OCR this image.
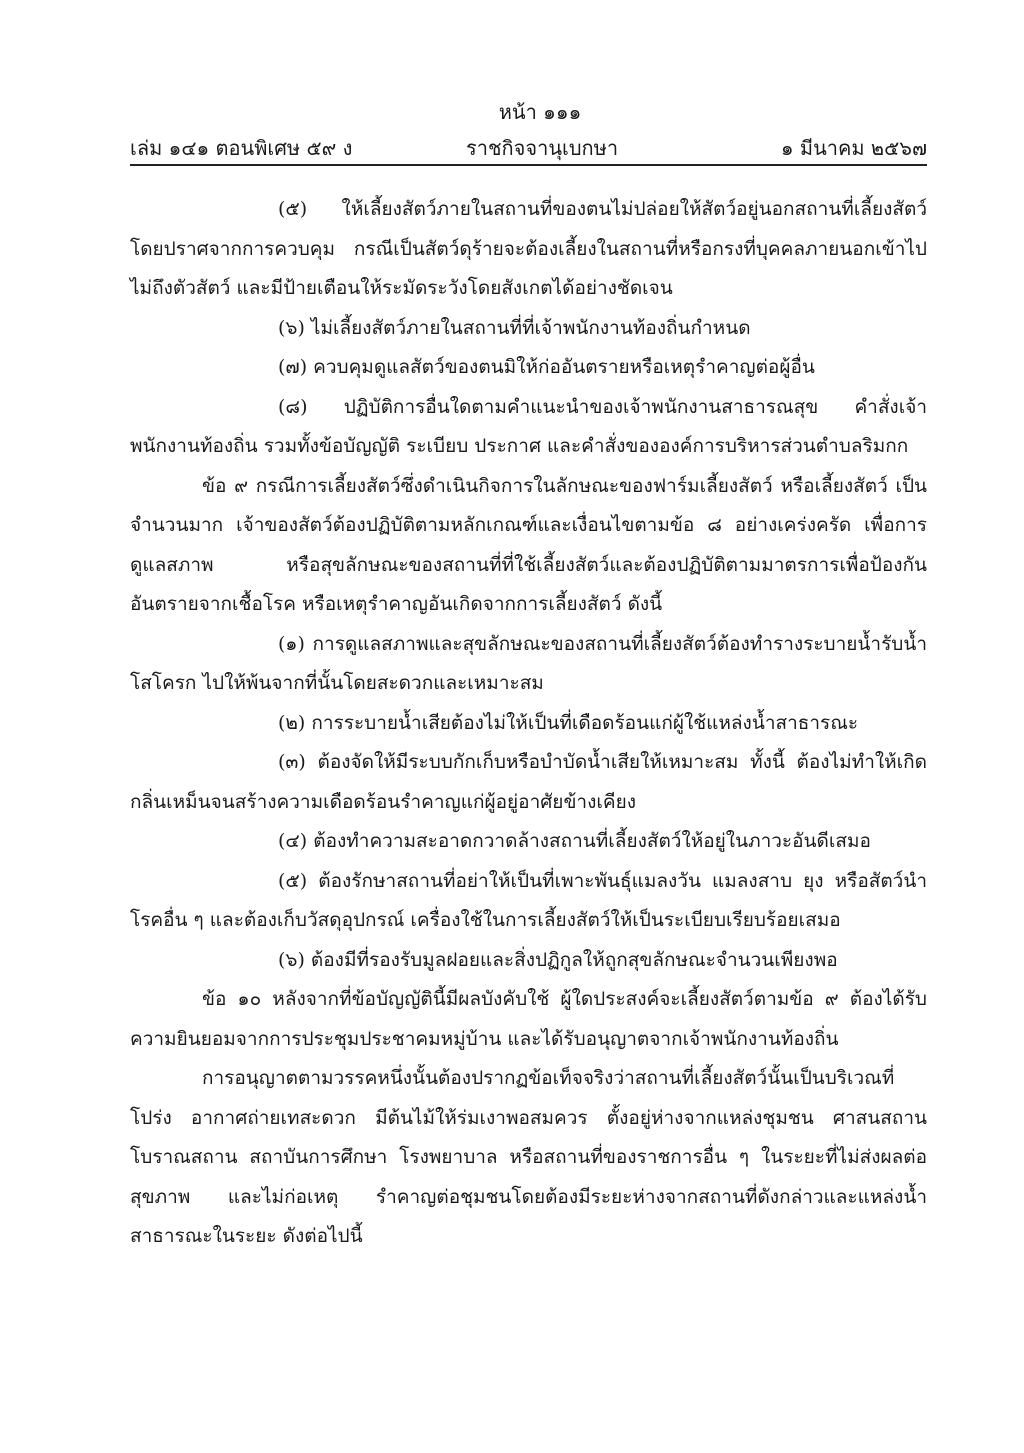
หน้า ๑๑๑
เล่ม ๑๔๑ ตอนพิเศษ ๕๙ ง	ราชกิจจานุเบกษา	๑ มีนาคม ๒๕๖๗

(๕) ให้เลี้ยงสัตว์ภายในสถานที่ของตนไม่ปล่อยให้สัตว์อยู่นอกสถานที่เลี้ยงสัตว์ โดยปราศจากการควบคุม กรณีเป็นสัตว์ดุร้ายจะต้องเลี้ยงในสถานที่หรือกรงที่บุคคลภายนอกเข้าไปไม่ถึงตัวสัตว์ และมีป้ายเตือนให้ระมัดระวังโดยสังเกตได้อย่างชัดเจน

(๖) ไม่เลี้ยงสัตว์ภายในสถานที่ที่เจ้าพนักงานท้องถิ่นกำหนด

(๗) ควบคุมดูแลสัตว์ของตนมิให้ก่ออันตรายหรือเหตุรำคาญต่อผู้อื่น

(๘) ปฏิบัติการอื่นใดตามคำแนะนำของเจ้าพนักงานสาธารณสุข คำสั่งเจ้าพนักงานท้องถิ่น รวมทั้งข้อบัญญัติ ระเบียบ ประกาศ และคำสั่งขององค์การบริหารส่วนตำบลริมกก

ข้อ ๙ กรณีการเลี้ยงสัตว์ซึ่งดำเนินกิจการในลักษณะของฟาร์มเลี้ยงสัตว์ หรือเลี้ยงสัตว์ เป็นจำนวนมาก เจ้าของสัตว์ต้องปฏิบัติตามหลักเกณฑ์และเงื่อนไขตามข้อ ๘ อย่างเคร่งครัด เพื่อการดูแลสภาพ หรือสุขลักษณะของสถานที่ที่ใช้เลี้ยงสัตว์และต้องปฏิบัติตามมาตรการเพื่อป้องกันอันตรายจากเชื้อโรค หรือเหตุรำคาญอันเกิดจากการเลี้ยงสัตว์ ดังนี้

(๑) การดูแลสภาพและสุขลักษณะของสถานที่เลี้ยงสัตว์ต้องทำรางระบายน้ำรับน้ำโสโครก ไปให้พ้นจากที่นั้นโดยสะดวกและเหมาะสม

(๒) การระบายน้ำเสียต้องไม่ให้เป็นที่เดือดร้อนแก่ผู้ใช้แหล่งน้ำสาธารณะ

(๓) ต้องจัดให้มีระบบกักเก็บหรือบำบัดน้ำเสียให้เหมาะสม ทั้งนี้ ต้องไม่ทำให้เกิด กลิ่นเหม็นจนสร้างความเดือดร้อนรำคาญแก่ผู้อยู่อาศัยข้างเคียง

(๔) ต้องทำความสะอาดกวาดล้างสถานที่เลี้ยงสัตว์ให้อยู่ในภาวะอันดีเสมอ

(๕) ต้องรักษาสถานที่อย่าให้เป็นที่เพาะพันธุ์แมลงวัน แมลงสาบ ยุง หรือสัตว์นำโรคอื่น ๆ และต้องเก็บวัสดุอุปกรณ์ เครื่องใช้ในการเลี้ยงสัตว์ให้เป็นระเบียบเรียบร้อยเสมอ

(๖) ต้องมีที่รองรับมูลฝอยและสิ่งปฏิกูลให้ถูกสุขลักษณะจำนวนเพียงพอ

ข้อ ๑๐ หลังจากที่ข้อบัญญัตินี้มีผลบังคับใช้ ผู้ใดประสงค์จะเลี้ยงสัตว์ตามข้อ ๙ ต้องได้รับ ความยินยอมจากการประชุมประชาคมหมู่บ้าน และได้รับอนุญาตจากเจ้าพนักงานท้องถิ่น

การอนุญาตตามวรรคหนึ่งนั้นต้องปรากฏข้อเท็จจริงว่าสถานที่เลี้ยงสัตว์นั้นเป็นบริเวณที่โปร่ง อากาศถ่ายเทสะดวก มีต้นไม้ให้ร่มเงาพอสมควร ตั้งอยู่ห่างจากแหล่งชุมชน ศาสนสถาน โบราณสถาน สถาบันการศึกษา โรงพยาบาล หรือสถานที่ของราชการอื่น ๆ ในระยะที่ไม่ส่งผลต่อสุขภาพ และไม่ก่อเหตุ รำคาญต่อชุมชนโดยต้องมีระยะห่างจากสถานที่ดังกล่าวและแหล่งน้ำสาธารณะในระยะ ดังต่อไปนี้
